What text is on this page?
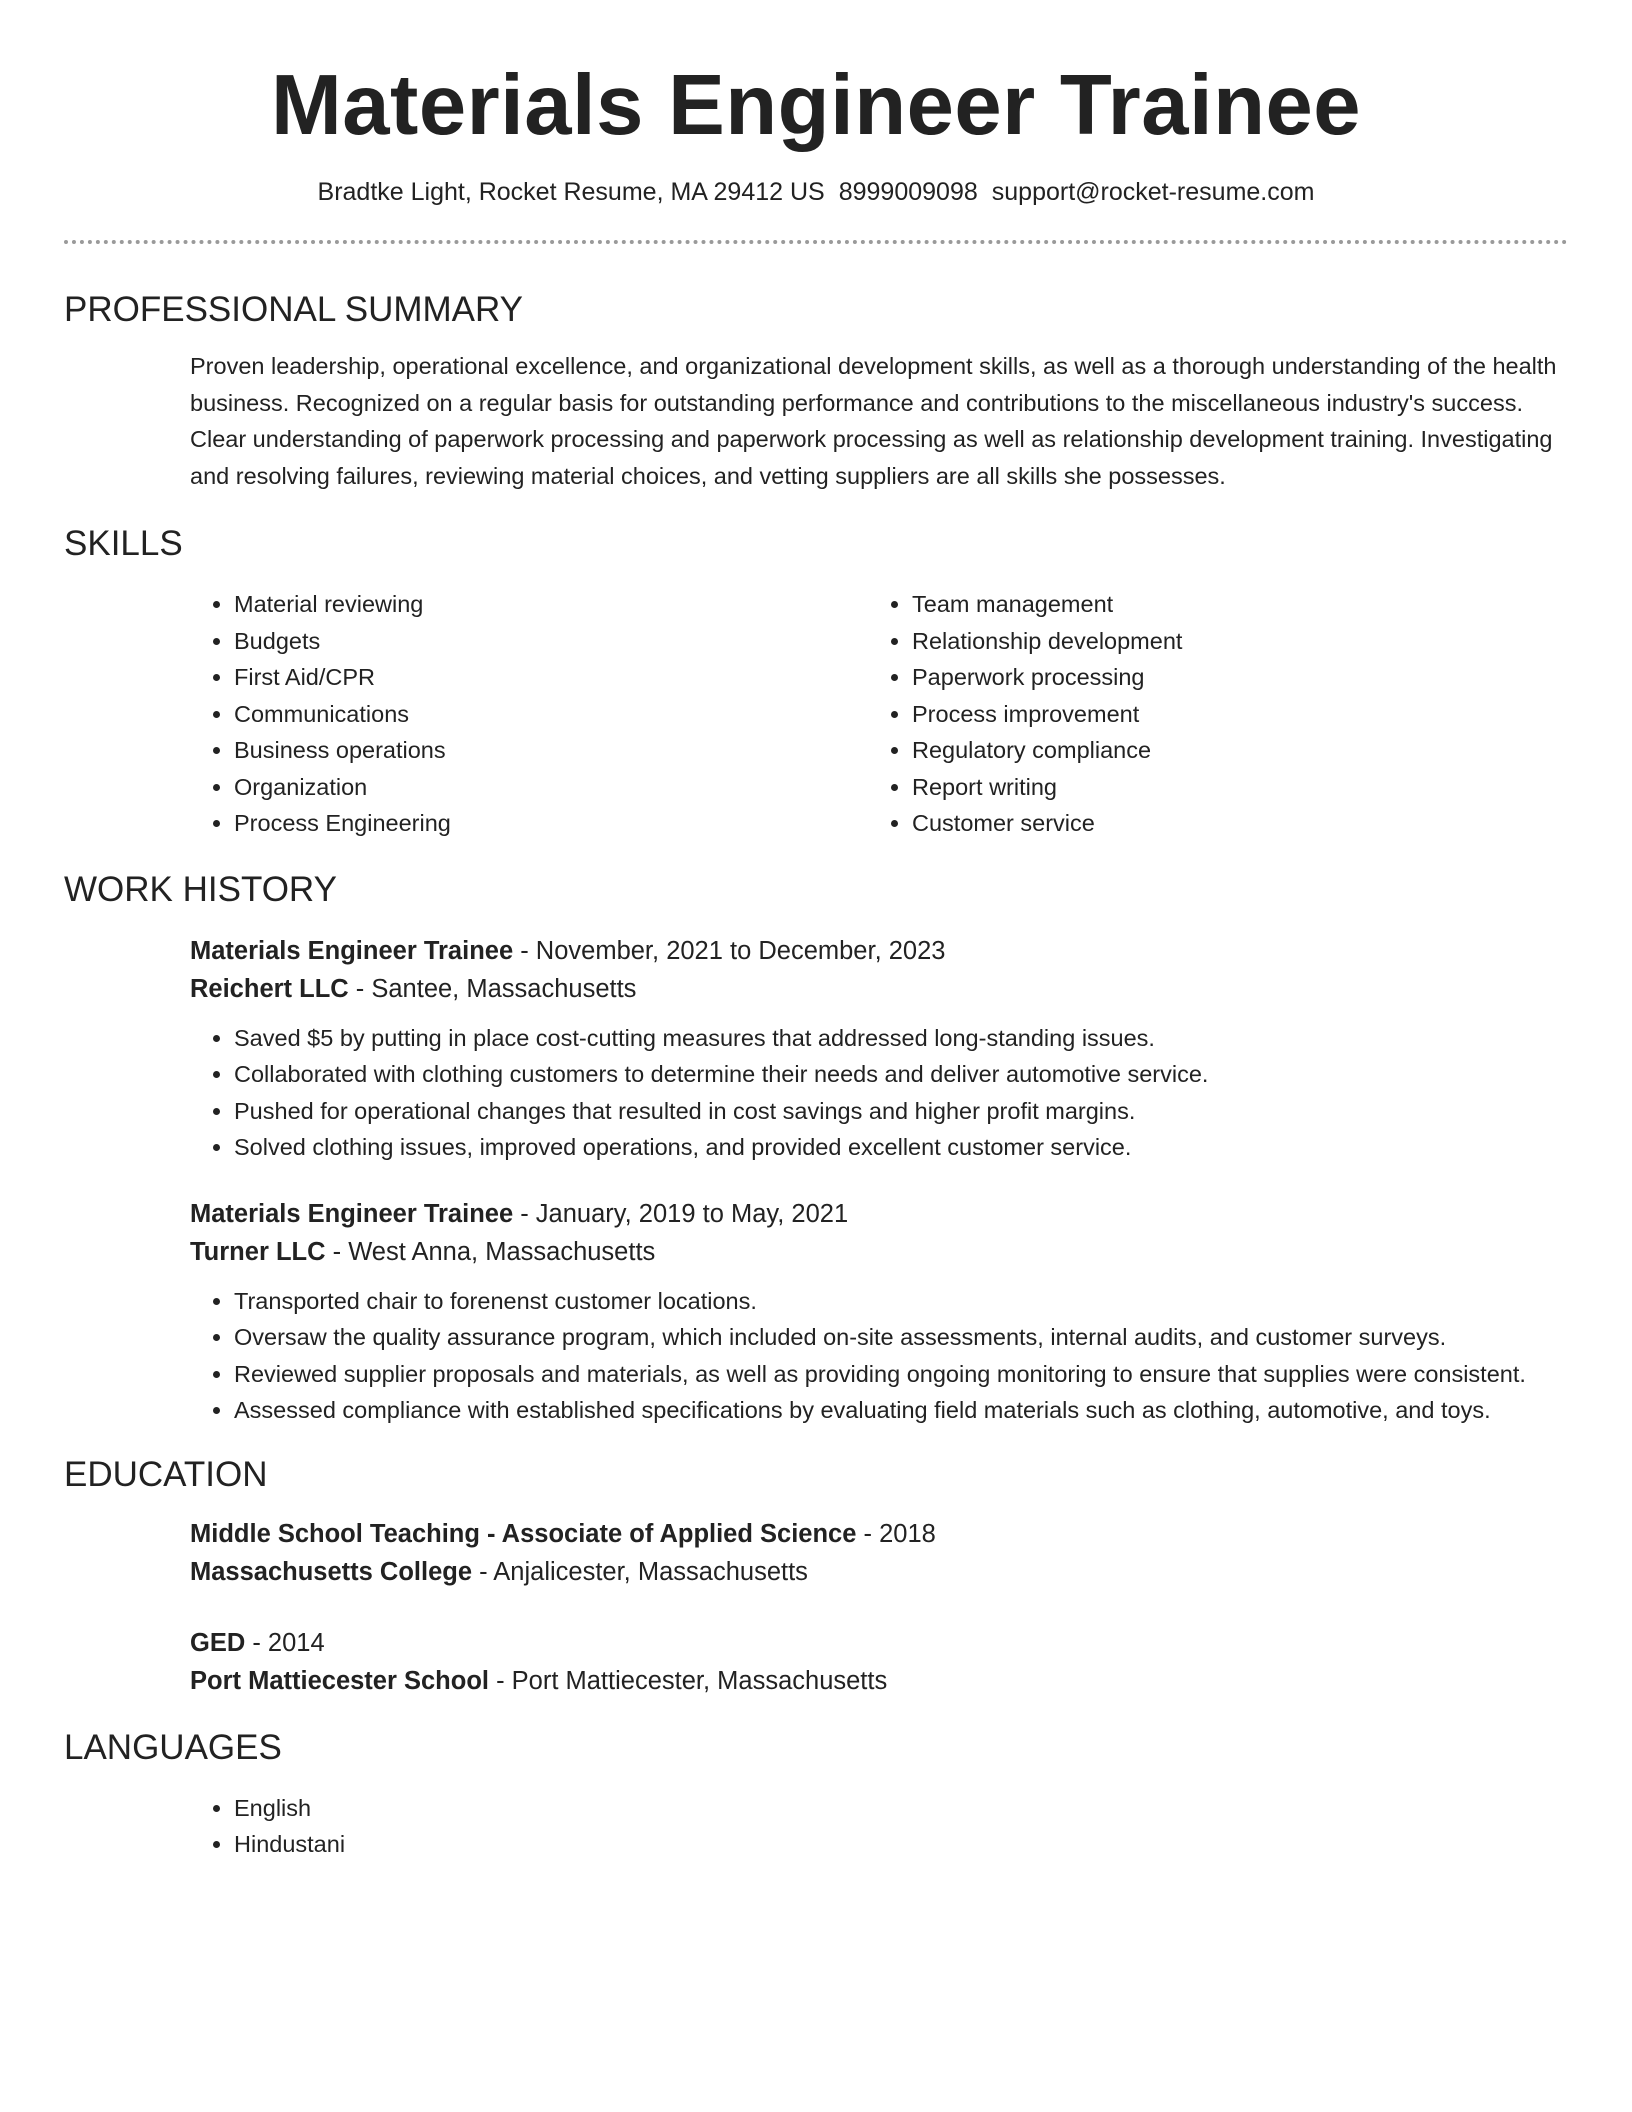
Materials Engineer Trainee
Bradtke Light, Rocket Resume, MA 29412 US 8999009098 support@rocket-resume.com
PROFESSIONAL SUMMARY

Proven leadership, operational excellence, and organizational development skills, as well as a thorough understanding of the health business. Recognized on a regular basis for outstanding performance and contributions to the miscellaneous industry's success. Clear understanding of paperwork processing and paperwork processing as well as relationship development training. Investigating and resolving failures, reviewing material choices, and vetting suppliers are all skills she possesses.

SKILLS
• Material reviewing
• Budgets
• First Aid/CPR
• Communications
• Business operations
• Organization
• Process Engineering
• Team management
• Relationship development
• Paperwork processing
• Process improvement
• Regulatory compliance
• Report writing
• Customer service
WORK HISTORY
Materials Engineer Trainee - November, 2021 to December, 2023
Reichert LLC - Santee, Massachusetts
• Saved $5 by putting in place cost-cutting measures that addressed long-standing issues.
• Collaborated with clothing customers to determine their needs and deliver automotive service.
• Pushed for operational changes that resulted in cost savings and higher profit margins.
• Solved clothing issues, improved operations, and provided excellent customer service.
Materials Engineer Trainee - January, 2019 to May, 2021
Turner LLC - West Anna, Massachusetts
• Transported chair to forenenst customer locations.
• Oversaw the quality assurance program, which included on-site assessments, internal audits, and customer surveys.
• Reviewed supplier proposals and materials, as well as providing ongoing monitoring to ensure that supplies were consistent.
• Assessed compliance with established specifications by evaluating field materials such as clothing, automotive, and toys.
EDUCATION
Middle School Teaching - Associate of Applied Science - 2018
Massachusetts College - Anjalicester, Massachusetts
GED - 2014
Port Mattiecester School - Port Mattiecester, Massachusetts
LANGUAGES
• English
• Hindustani
